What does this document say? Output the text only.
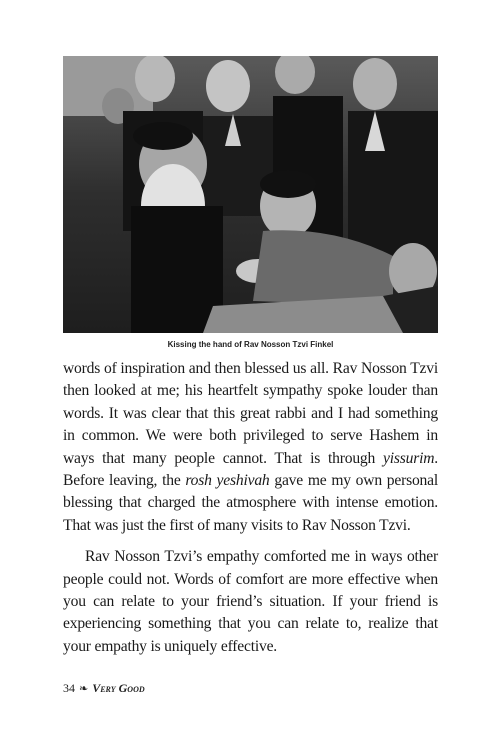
Kissing the hand of Rav Nosson Tzvi Finkel

words of inspiration and then blessed us all. Rav Nosson Tzvi then looked at me; his heartfelt sympathy spoke louder than words. It was clear that this great rabbi and I had something in common. We were both privileged to serve Hashem in ways that many people cannot. That is through yissurim. Before leaving, the rosh yeshivah gave me my own personal blessing that charged the atmosphere with intense emotion. That was just the first of many visits to Rav Nosson Tzvi.

Rav Nosson Tzvi’s empathy comforted me in ways other people could not. Words of comfort are more effective when you can relate to your friend’s situation. If your friend is experiencing something that you can relate to, realize that your empathy is uniquely effective.

34 ❧ Very Good
